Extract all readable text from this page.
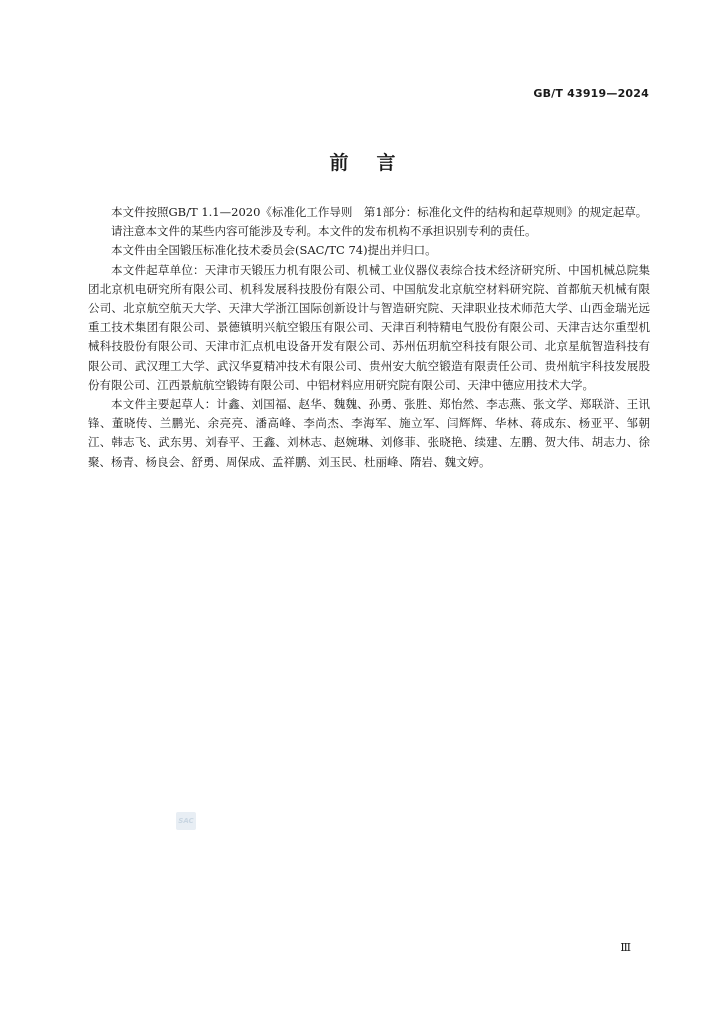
GB/T 43919—2024
前言

本文件按照GB/T 1.1—2020《标准化工作导则　第1部分：标准化文件的结构和起草规则》的规定起草。

请注意本文件的某些内容可能涉及专利。本文件的发布机构不承担识别专利的责任。

本文件由全国锻压标准化技术委员会(SAC/TC 74)提出并归口。

本文件起草单位：天津市天锻压力机有限公司、机械工业仪器仪表综合技术经济研究所、中国机械总院集团北京机电研究所有限公司、机科发展科技股份有限公司、中国航发北京航空材料研究院、首都航天机械有限公司、北京航空航天大学、天津大学浙江国际创新设计与智造研究院、天津职业技术师范大学、山西金瑞光远重工技术集团有限公司、景德镇明兴航空锻压有限公司、天津百利特精电气股份有限公司、天津吉达尔重型机械科技股份有限公司、天津市汇点机电设备开发有限公司、苏州伍玥航空科技有限公司、北京星航智造科技有限公司、武汉理工大学、武汉华夏精冲技术有限公司、贵州安大航空锻造有限责任公司、贵州航宇科技发展股份有限公司、江西景航航空锻铸有限公司、中铝材料应用研究院有限公司、天津中德应用技术大学。

本文件主要起草人：计鑫、刘国福、赵华、魏魏、孙勇、张胜、郑怡然、李志燕、张文学、郑联浒、王讯锋、董晓传、兰鹏光、余亮亮、潘高峰、李尚杰、李海军、施立军、闫辉辉、华林、蒋成东、杨亚平、邹朝江、韩志飞、武东男、刘春平、王鑫、刘林志、赵婉琳、刘修菲、张晓艳、续建、左鹏、贺大伟、胡志力、徐聚、杨青、杨良会、舒勇、周保成、孟祥鹏、刘玉民、杜丽峰、隋岩、魏文婷。

SAC
Ⅲ
